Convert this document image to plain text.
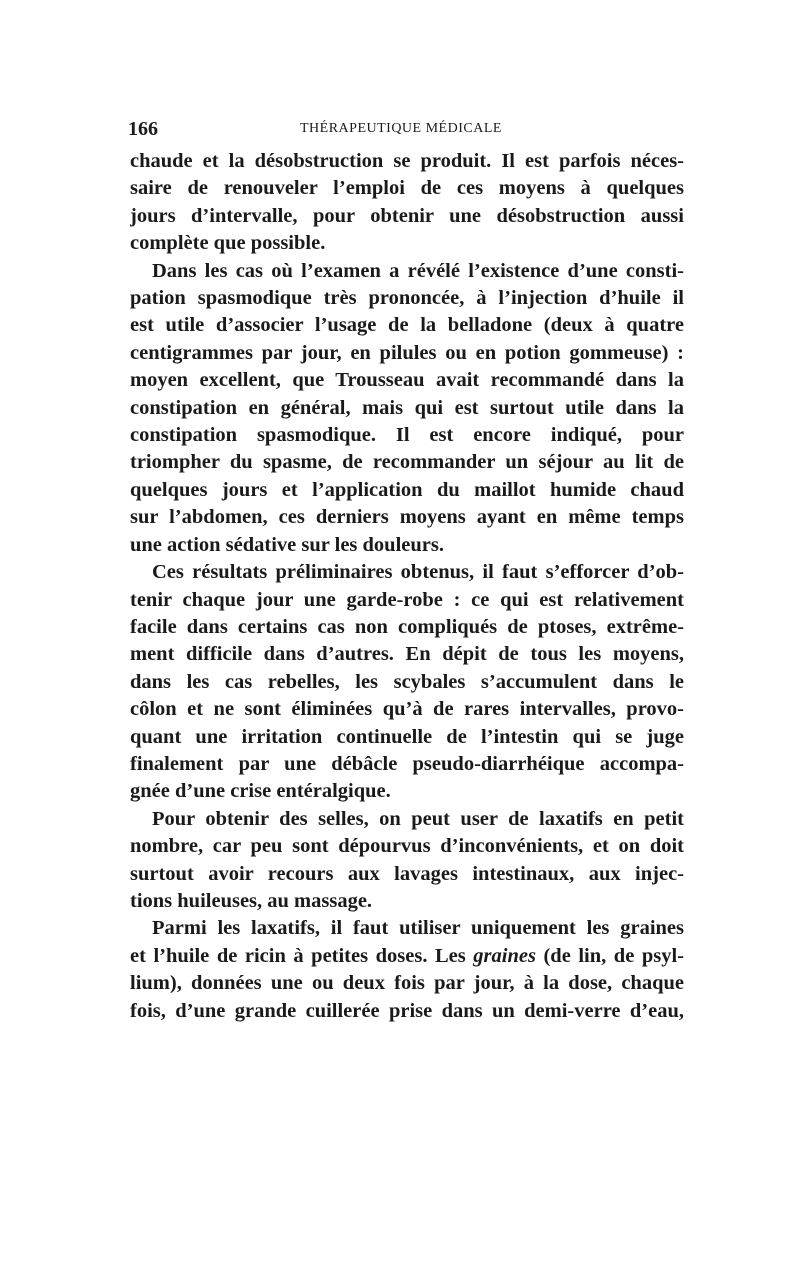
166	THÉRAPEUTIQUE MÉDICALE

chaude et la désobstruction se produit. Il est parfois néces-
saire de renouveler l’emploi de ces moyens à quelques
jours d’intervalle, pour obtenir une désobstruction aussi
complète que possible.

Dans les cas où l’examen a révélé l’existence d’une consti-
pation spasmodique très prononcée, à l’injection d’huile il
est utile d’associer l’usage de la belladone (deux à quatre
centigrammes par jour, en pilules ou en potion gommeuse) :
moyen excellent, que Trousseau avait recommandé dans la
constipation en général, mais qui est surtout utile dans la
constipation spasmodique. Il est encore indiqué, pour
triompher du spasme, de recommander un séjour au lit de
quelques jours et l’application du maillot humide chaud
sur l’abdomen, ces derniers moyens ayant en même temps
une action sédative sur les douleurs.

Ces résultats préliminaires obtenus, il faut s’efforcer d’ob-
tenir chaque jour une garde-robe : ce qui est relativement
facile dans certains cas non compliqués de ptoses, extrême-
ment difficile dans d’autres. En dépit de tous les moyens,
dans les cas rebelles, les scybales s’accumulent dans le
côlon et ne sont éliminées qu’à de rares intervalles, provo-
quant une irritation continuelle de l’intestin qui se juge
finalement par une débâcle pseudo-diarrhéique accompa-
gnée d’une crise entéralgique.

Pour obtenir des selles, on peut user de laxatifs en petit
nombre, car peu sont dépourvus d’inconvénients, et on doit
surtout avoir recours aux lavages intestinaux, aux injec-
tions huileuses, au massage.

Parmi les laxatifs, il faut utiliser uniquement les graines
et l’huile de ricin à petites doses. Les graines (de lin, de psyl-
lium), données une ou deux fois par jour, à la dose, chaque
fois, d’une grande cuillerée prise dans un demi-verre d’eau,
